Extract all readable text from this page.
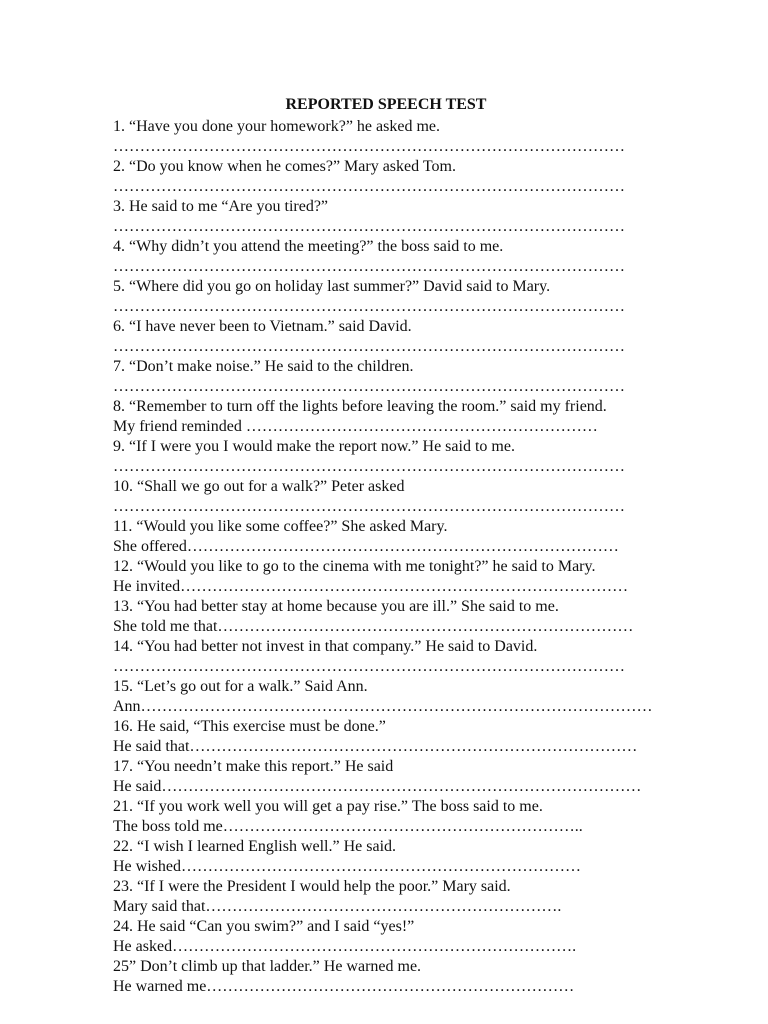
REPORTED SPEECH TEST
1. “Have you done your homework?” he asked me.
……………………………………………………………………………………
2. “Do you know when he comes?” Mary asked Tom.
……………………………………………………………………………………
3. He said to me “Are you tired?”
……………………………………………………………………………………
4. “Why didn’t you attend the meeting?” the boss said to me.
……………………………………………………………………………………
5. “Where did you go on holiday last summer?” David said to Mary.
……………………………………………………………………………………
6. “I have never been to Vietnam.” said David.
……………………………………………………………………………………
7. “Don’t make noise.” He said to the children.
……………………………………………………………………………………
8. “Remember to turn off the lights before leaving the room.” said my friend.
My friend reminded …………………………………………………………
9. “If I were you I would make the report now.” He said to me.
……………………………………………………………………………………
10. “Shall we go out for a walk?” Peter asked
……………………………………………………………………………………
11. “Would you like some coffee?” She asked Mary.
She offered………………………………………………………………………
12. “Would you like to go to the cinema with me tonight?” he said to Mary.
He invited…………………………………………………………………………
13. “You had better stay at home because you are ill.” She said to me.
She told me that……………………………………………………………………
14. “You had better not invest in that company.” He said to David.
……………………………………………………………………………………
15. “Let’s go out for a walk.” Said Ann.
Ann……………………………………………………………………………………
16. He said, “This exercise must be done.”
He said that…………………………………………………………………………
17. “You needn’t make this report.” He said
He said………………………………………………………………………………
21. “If you work well you will get a pay rise.” The boss said to me.
The boss told me…………………………………………………………..
22. “I wish I learned English well.” He said.
He wished…………………………………………………………………
23. “If I were the President I would help the poor.” Mary said.
Mary said that………………………………………………………….
24. He said “Can you swim?” and I said “yes!”
He asked………………………………………………………………….
25” Don’t climb up that ladder.” He warned me.
He warned me……………………………………………………………
